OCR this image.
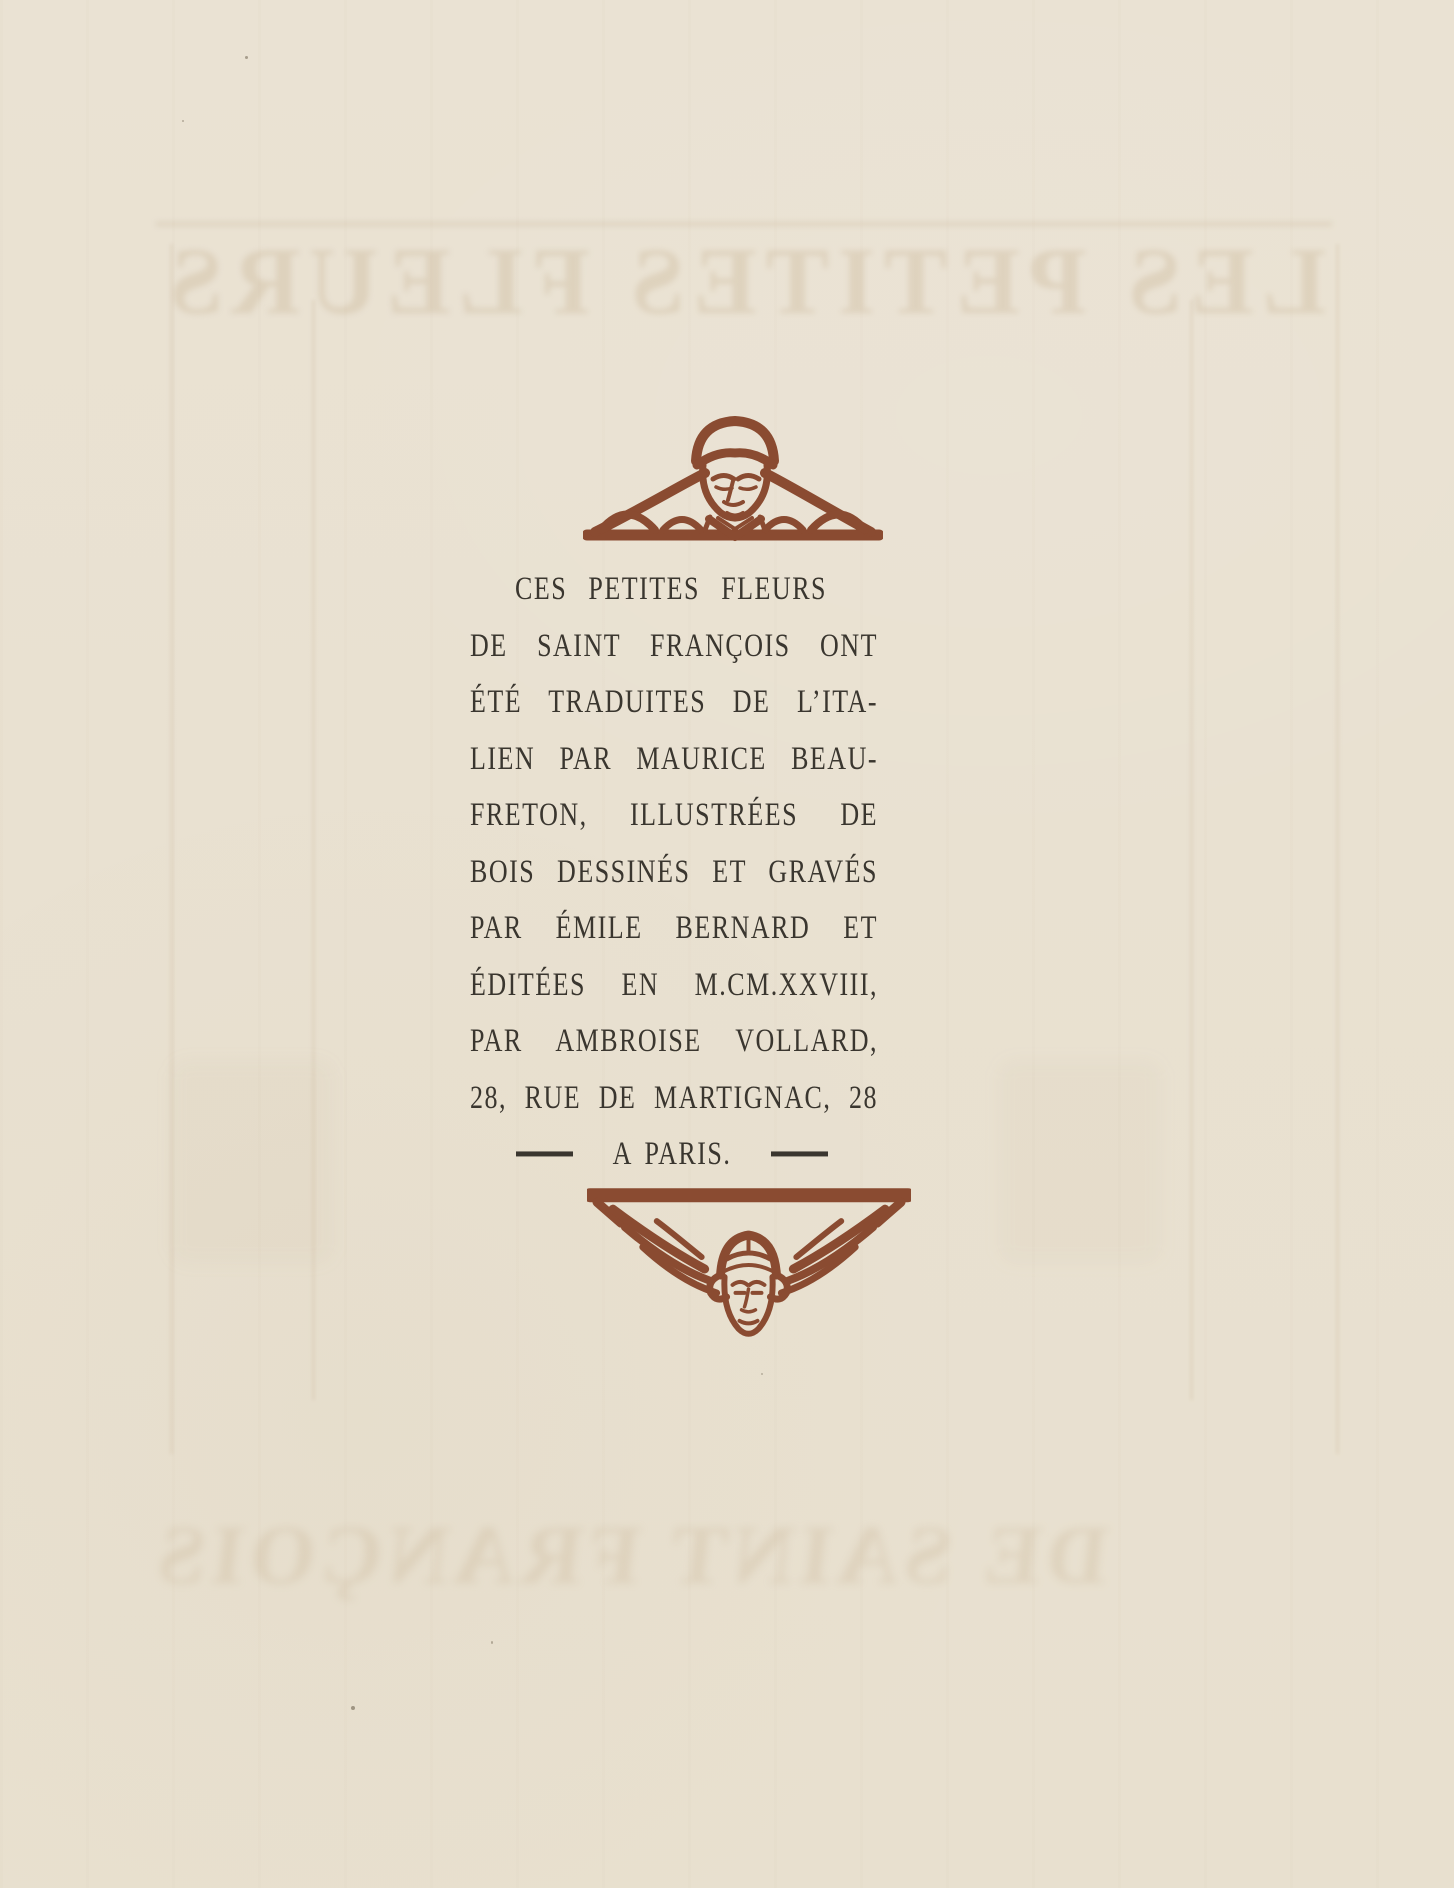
LES PETITES FLEURS
DE SAINT FRANÇOIS
CES PETITES FLEURS
DE SAINT FRANÇOIS ONT
ÉTÉ TRADUITES DE L’ITA-
LIEN PAR MAURICE BEAU-
FRETON, ILLUSTRÉES DE
BOIS DESSINÉS ET GRAVÉS
PAR ÉMILE BERNARD ET
ÉDITÉES EN M.CM.XXVIII,
PAR AMBROISE VOLLARD,
28, RUE DE MARTIGNAC, 28
A PARIS.
